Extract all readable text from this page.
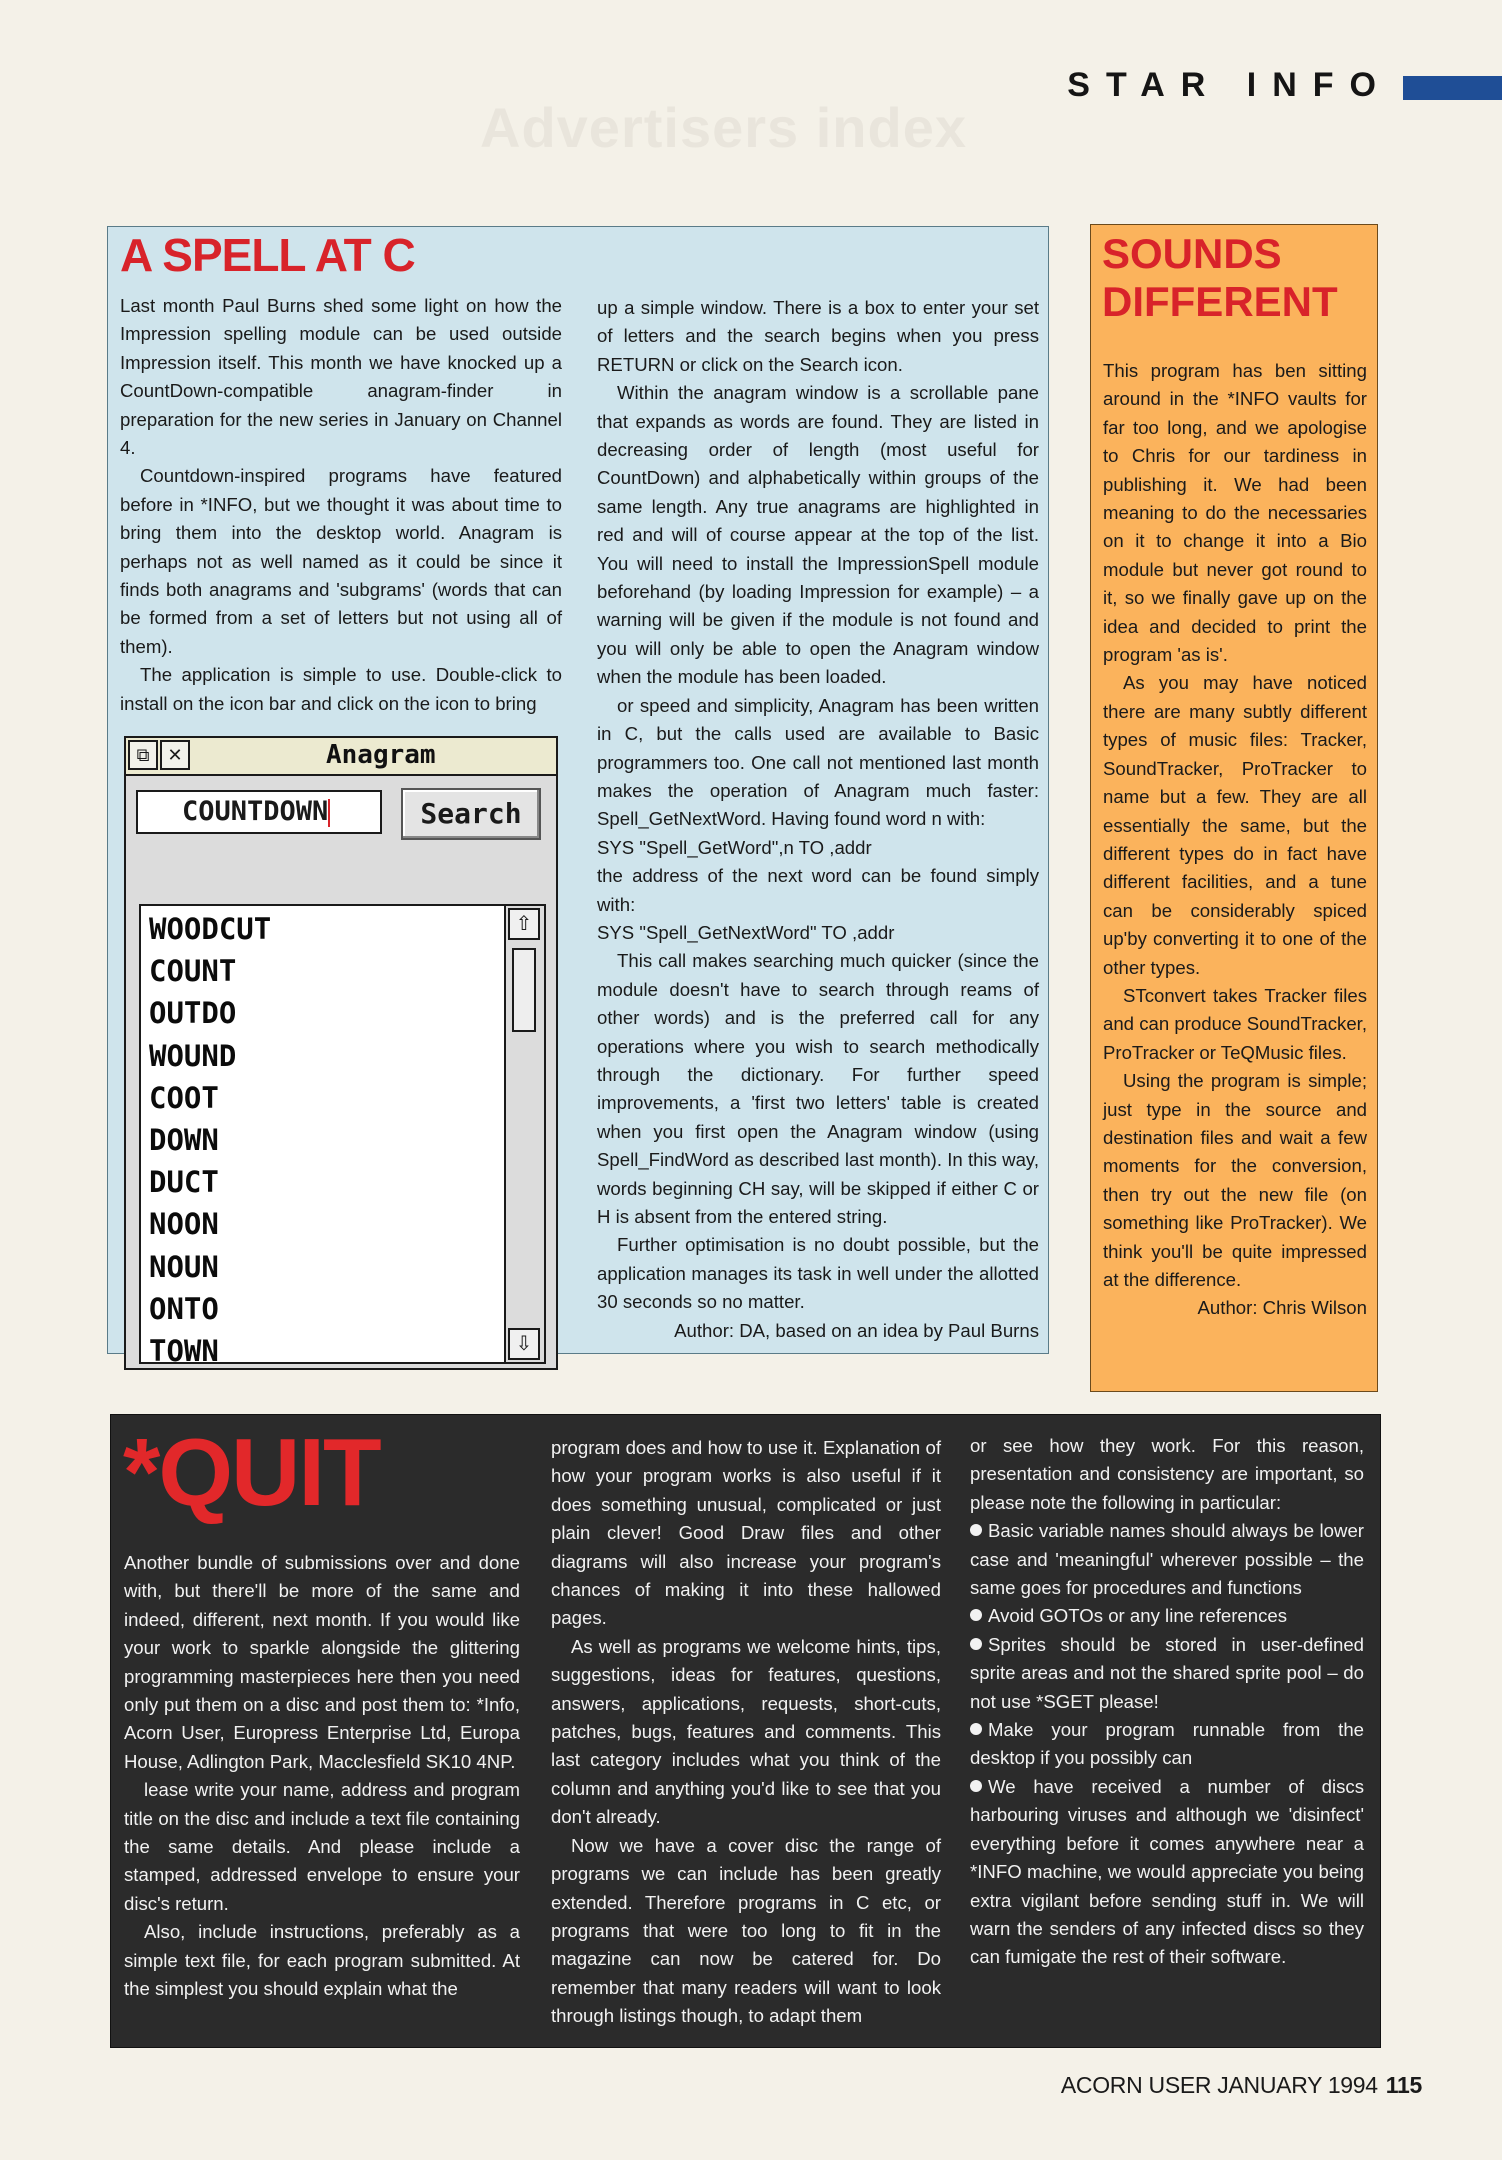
Advertisers index
STAR INFO
A SPELL AT C

Last month Paul Burns shed some light on how the Impression spelling module can be used outside Impression itself. This month we have knocked up a CountDown-compatible anagram-finder in preparation for the new series in January on Channel 4.

Countdown-inspired programs have featured before in *INFO, but we thought it was about time to bring them into the desktop world. Anagram is perhaps not as well named as it could be since it finds both anagrams and 'subgrams' (words that can be formed from a set of letters but not using all of them).

The application is simple to use. Double-click to install on the icon bar and click on the icon to bring

up a simple window. There is a box to enter your set of letters and the search begins when you press RETURN or click on the Search icon.

Within the anagram window is a scrollable pane that expands as words are found. They are listed in decreasing order of length (most useful for CountDown) and alphabetically within groups of the same length. Any true anagrams are highlighted in red and will of course appear at the top of the list. You will need to install the ImpressionSpell module beforehand (by loading Impression for example) – a warning will be given if the module is not found and you will only be able to open the Anagram window when the module has been loaded.

or speed and simplicity, Anagram has been written in C, but the calls used are available to Basic programmers too. One call not mentioned last month makes the operation of Anagram much faster: Spell_GetNextWord. Having found word n with:

SYS "Spell_GetWord",n TO ,addr

the address of the next word can be found simply with:

SYS "Spell_GetNextWord" TO ,addr

This call makes searching much quicker (since the module doesn't have to search through reams of other words) and is the preferred call for any operations where you wish to search methodically through the dictionary. For further speed improvements, a 'first two letters' table is created when you first open the Anagram window (using Spell_FindWord as described last month). In this way, words beginning CH say, will be skipped if either C or H is absent from the entered string.

Further optimisation is no doubt possible, but the application manages its task in well under the allotted 30 seconds so no matter.

Author: DA, based on an idea by Paul Burns

⧉	✕	Anagram
COUNTDOWN	Search
WOODCUT
COUNT
OUTDO
WOUND
COOT
DOWN
DUCT
NOON
NOUN
ONTO
TOWN
⇧
⇩
SOUNDS
DIFFERENT

This program has ben sitting around in the *INFO vaults for far too long, and we apologise to Chris for our tardiness in publishing it. We had been meaning to do the necessaries on it to change it into a Bio module but never got round to it, so we finally gave up on the idea and decided to print the program 'as is'.

As you may have noticed there are many subtly different types of music files: Tracker, SoundTracker, ProTracker to name but a few. They are all essentially the same, but the different types do in fact have different facilities, and a tune can be considerably spiced up'by converting it to one of the other types.

STconvert takes Tracker files and can produce SoundTracker, ProTracker or TeQMusic files.

Using the program is simple; just type in the source and destination files and wait a few moments for the conversion, then try out the new file (on something like ProTracker). We think you'll be quite impressed at the difference.

Author: Chris Wilson

*QUIT

Another bundle of submissions over and done with, but there'll be more of the same and indeed, different, next month. If you would like your work to sparkle alongside the glittering programming masterpieces here then you need only put them on a disc and post them to: *Info, Acorn User, Europress Enterprise Ltd, Europa House, Adlington Park, Macclesfield SK10 4NP.

lease write your name, address and program title on the disc and include a text file containing the same details. And please include a stamped, addressed envelope to ensure your disc's return.

Also, include instructions, preferably as a simple text file, for each program submitted. At the simplest you should explain what the

program does and how to use it. Explanation of how your program works is also useful if it does something unusual, complicated or just plain clever! Good Draw files and other diagrams will also increase your program's chances of making it into these hallowed pages.

As well as programs we welcome hints, tips, suggestions, ideas for features, questions, answers, applications, requests, short-cuts, patches, bugs, features and comments. This last category includes what you think of the column and anything you'd like to see that you don't already.

Now we have a cover disc the range of programs we can include has been greatly extended. Therefore programs in C etc, or programs that were too long to fit in the magazine can now be catered for. Do remember that many readers will want to look through listings though, to adapt them

or see how they work. For this reason, presentation and consistency are important, so please note the following in particular:

Basic variable names should always be lower case and 'meaningful' wherever possible – the same goes for procedures and functions

Avoid GOTOs or any line references

Sprites should be stored in user-defined sprite areas and not the shared sprite pool – do not use *SGET please!

Make your program runnable from the desktop if you possibly can

We have received a number of discs harbouring viruses and although we 'disinfect' everything before it comes anywhere near a *INFO machine, we would appreciate you being extra vigilant before sending stuff in. We will warn the senders of any infected discs so they can fumigate the rest of their software.

ACORN USER JANUARY 1994 115
